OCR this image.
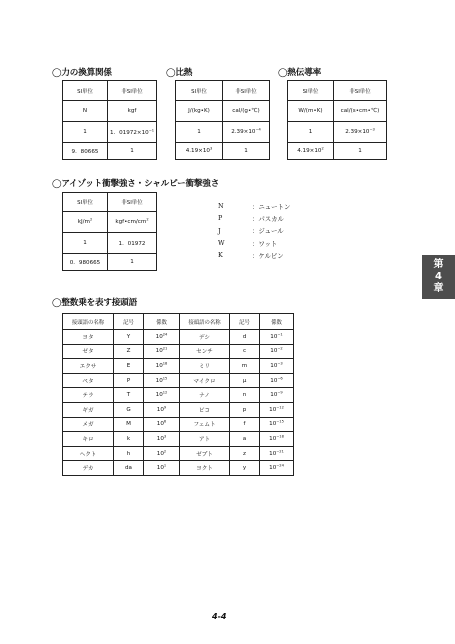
◯力の換算関係
SI単位	非SI単位
N	kgf
1	1．$01972\times 10^{-1}$
9．80665	1
◯比熱
SI単位	非SI単位
J/(kg•K)	cal/(g•℃)
1	$2.39\times 10^{-4}$
$4.19\times 10^3$	1
◯熱伝導率
SI単位	非SI単位
W/(m•K)	cal/(s•cm•℃)
1	$2.39\times 10^{-3}$
$4.19\times 10^2$	1
◯アイゾット衝撃強さ・シャルピー衝撃強さ
SI単位	非SI単位
$kJ/m^2$	$kgf•cm/cm^2$
1	1．01972
0．980665	1
N	：ニュートン
P	：パスカル
J	：ジュール
W	：ワット
K	：ケルビン
第
4
章
◯整数乗を表す接頭語
接頭語の名称	記号	係数	接頭語の名称	記号	係数
ヨタ	Y	$10^{24}$	デシ	d	$10^{-1}$
ゼタ	Z	$10^{21}$	センチ	c	$10^{-2}$
エクサ	E	$10^{18}$	ミリ	m	$10^{-3}$
ペタ	P	$10^{15}$	マイクロ	μ	$10^{-6}$
テラ	T	$10^{12}$	ナノ	n	$10^{-9}$
ギガ	G	$10^9$	ピコ	p	$10^{-12}$
メガ	M	$10^6$	フェムト	f	$10^{-15}$
キロ	k	$10^3$	アト	a	$10^{-18}$
ヘクト	h	$10^2$	ゼプト	z	$10^{-21}$
デカ	da	$10^1$	ヨクト	y	$10^{-24}$
4-4
